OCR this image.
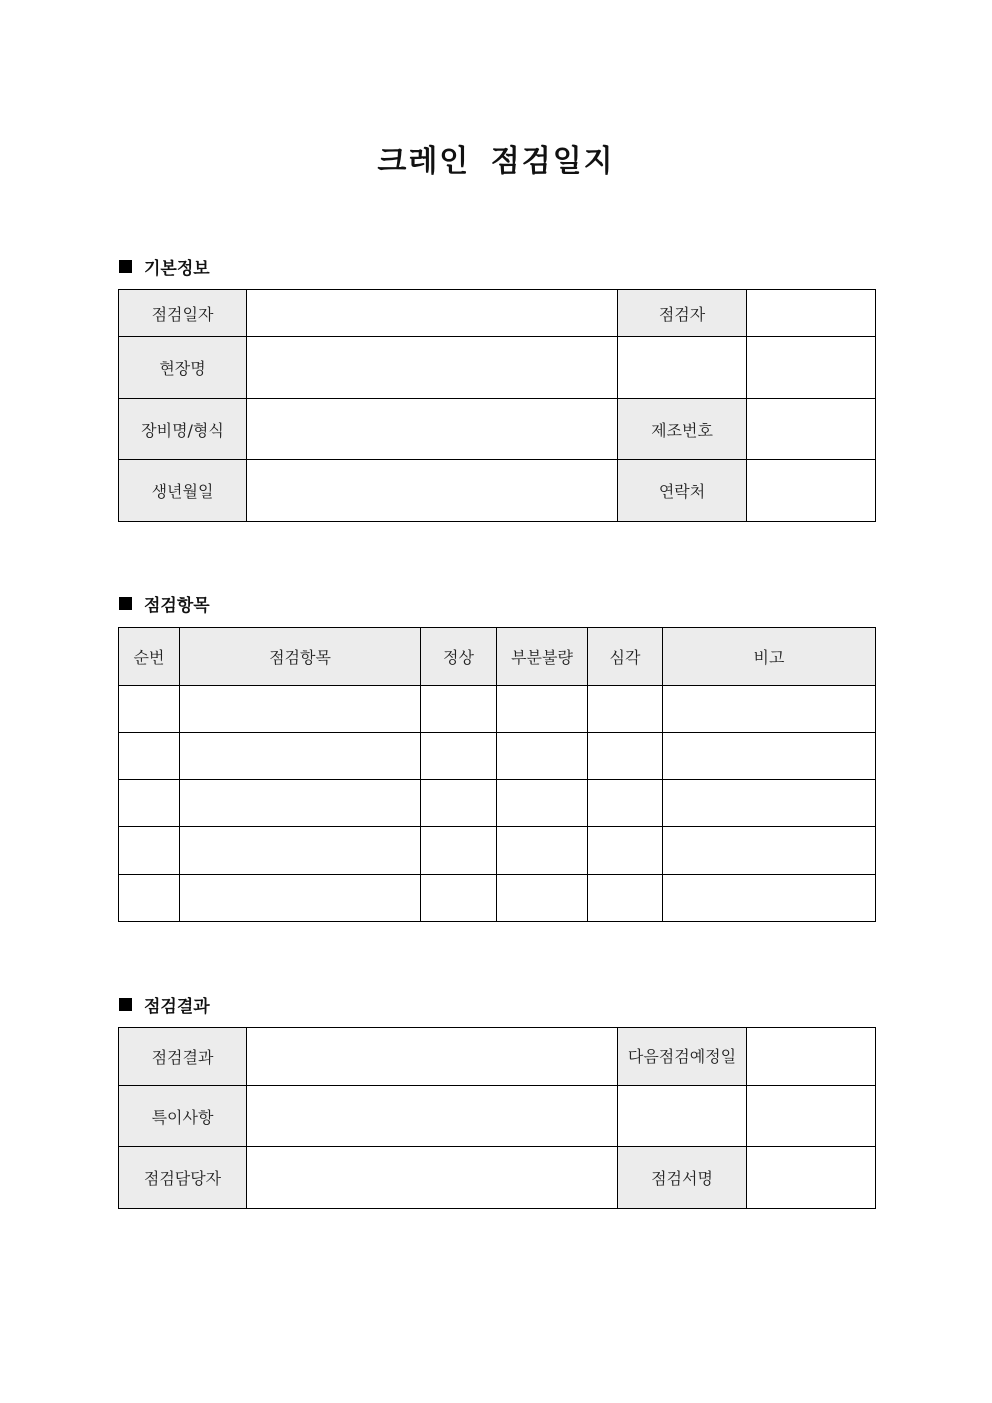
크레인 점검일지
기본정보
점검일자		점검자	
현장명			
장비명/형식		제조번호	
생년월일		연락처	
점검항목
순번	점검항목	정상	부분불량	심각	비고

점검결과
점검결과		다음점검예정일	
특이사항			
점검담당자		점검서명	
